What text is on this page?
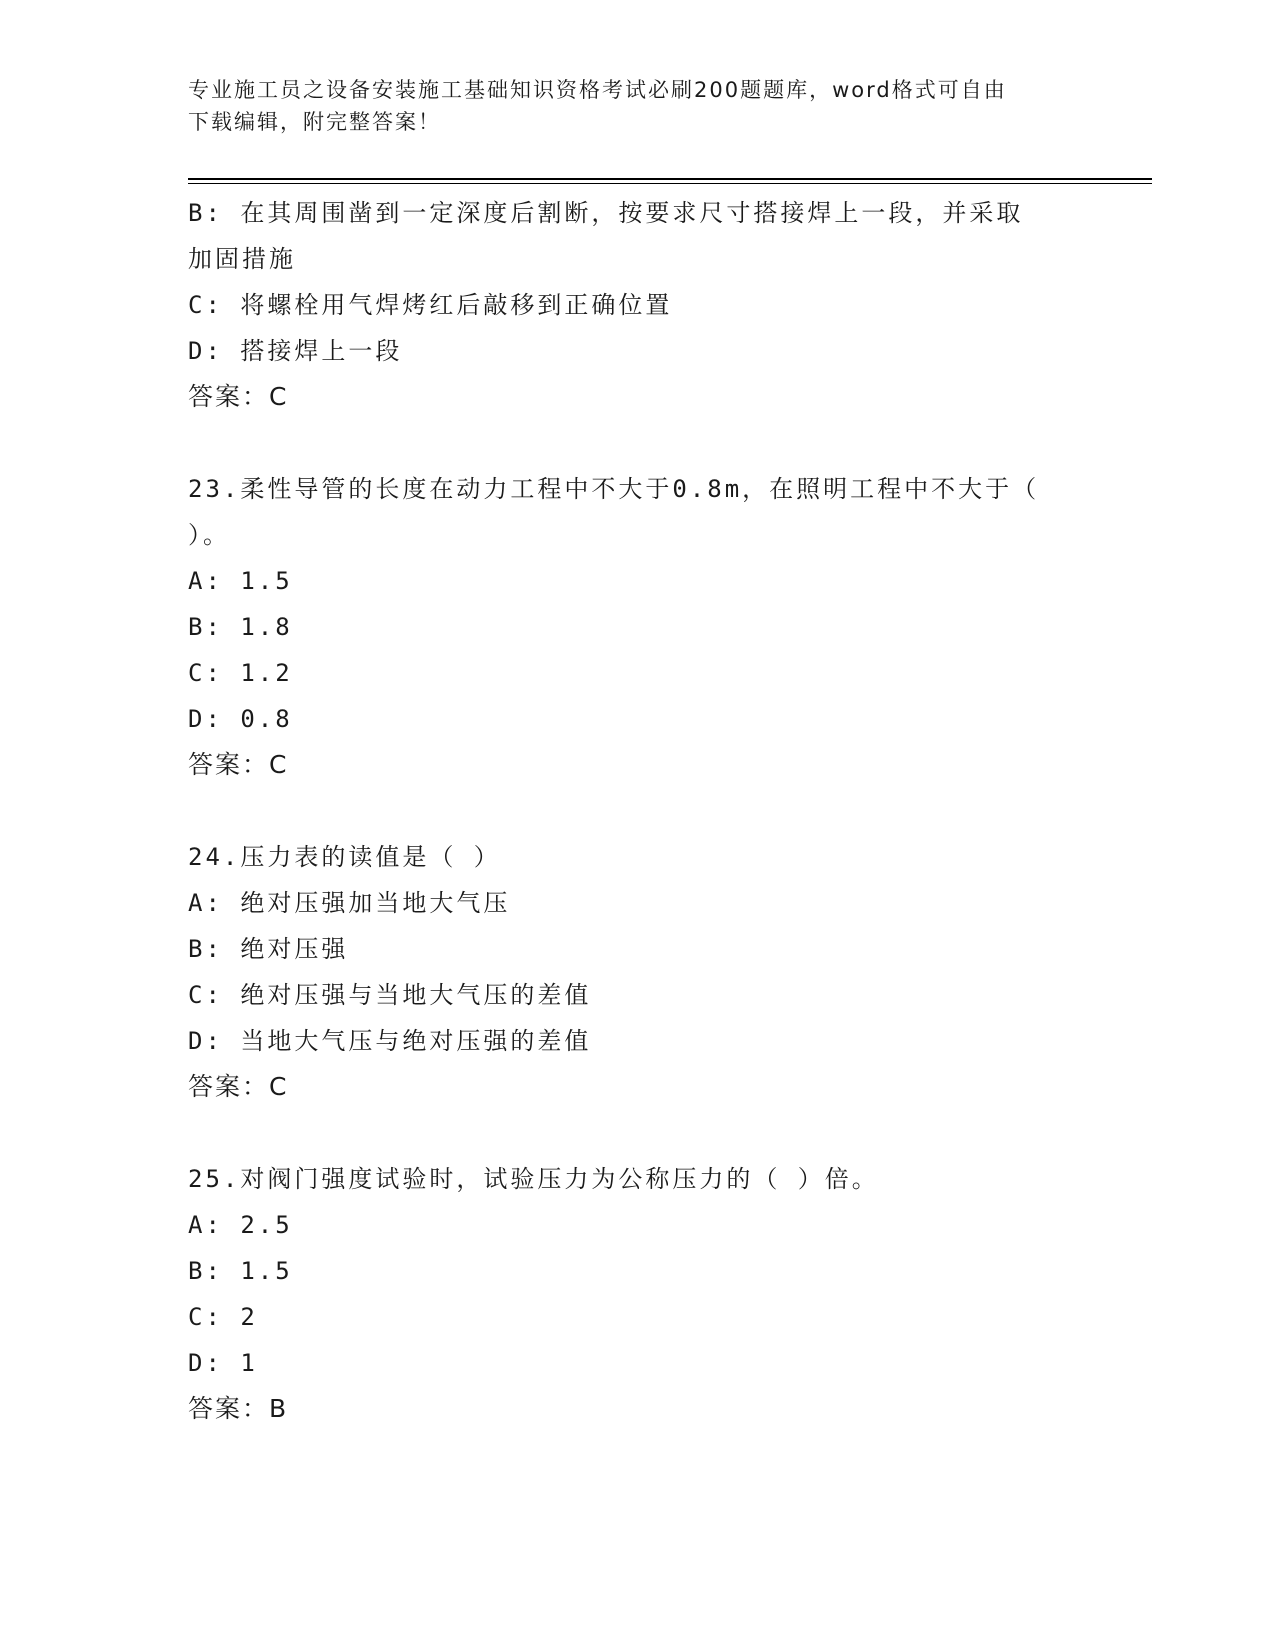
专业施工员之设备安装施工基础知识资格考试必刷200题题库，word格式可自由
下载编辑，附完整答案！
B: 在其周围凿到一定深度后割断，按要求尺寸搭接焊上一段，并采取
加固措施
C: 将螺栓用气焊烤红后敲移到正确位置
D: 搭接焊上一段
答案：C
23.柔性导管的长度在动力工程中不大于0.8m，在照明工程中不大于（
）。
A: 1.5
B: 1.8
C: 1.2
D: 0.8
答案：C
24.压力表的读值是（ ）
A: 绝对压强加当地大气压
B: 绝对压强
C: 绝对压强与当地大气压的差值
D: 当地大气压与绝对压强的差值
答案：C
25.对阀门强度试验时，试验压力为公称压力的（ ）倍。
A: 2.5
B: 1.5
C: 2
D: 1
答案：B
